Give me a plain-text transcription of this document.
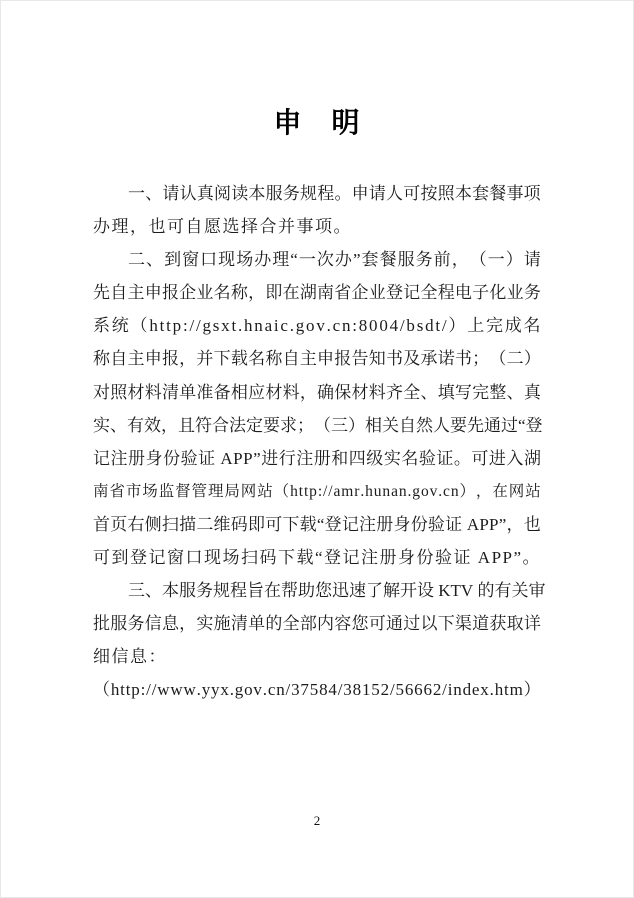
申　明
一 、 请 认 真 阅 读 本 服 务 规 程 。 申 请 人 可 按 照 本 套 餐 事 项
办理，也可自愿选择合并事项。
二 、 到 窗 口 现 场 办 理 “ 一 次 办 ” 套 餐 服 务 前 ， （ 一 ） 请
先 自 主 申 报 企 业 名 称 ， 即 在 湖 南 省 企 业 登 记 全 程 电 子 化 业 务
系 统 （ h t t p : / / g s x t . h n a i c . g o v . c n : 8 0 0 4 / b s d t / ） 上 完 成 名
称 自 主 申 报 ， 并 下 载 名 称 自 主 申 报 告 知 书 及 承 诺 书 ； （ 二 ）
对 照 材 料 清 单 准 备 相 应 材 料 ， 确 保 材 料 齐 全 、 填 写 完 整 、 真
实 、 有 效 ， 且 符 合 法 定 要 求 ； （ 三 ） 相 关 自 然 人 要 先 通 过 “ 登
记 注 册 身 份 验 证
A P P ” 进 行 注 册 和 四 级 实 名 验 证 。 可 进 入 湖
南 省 市 场 监 督 管 理 局 网 站 （ h t t p : / / a m r . h u n a n . g o v . c n ） ， 在 网 站
首 页 右 侧 扫 描 二 维 码 即 可 下 载 “ 登 记 注 册 身 份 验 证
A P P ” ， 也
可到登记窗口现场扫码下载“登记注册身份验证 APP”。
三 、 本 服 务 规 程 旨 在 帮 助 您 迅 速 了 解 开 设
K T V
的 有 关 审
批 服 务 信 息 ， 实 施 清 单 的 全 部 内 容 您 可 通 过 以 下 渠 道 获 取 详
细信息：
（ h t t p : / / w w w . y y x . g o v . c n / 3 7 5 8 4 / 3 8 1 5 2 / 5 6 6 6 2 / i n d e x . h t m ）
2
